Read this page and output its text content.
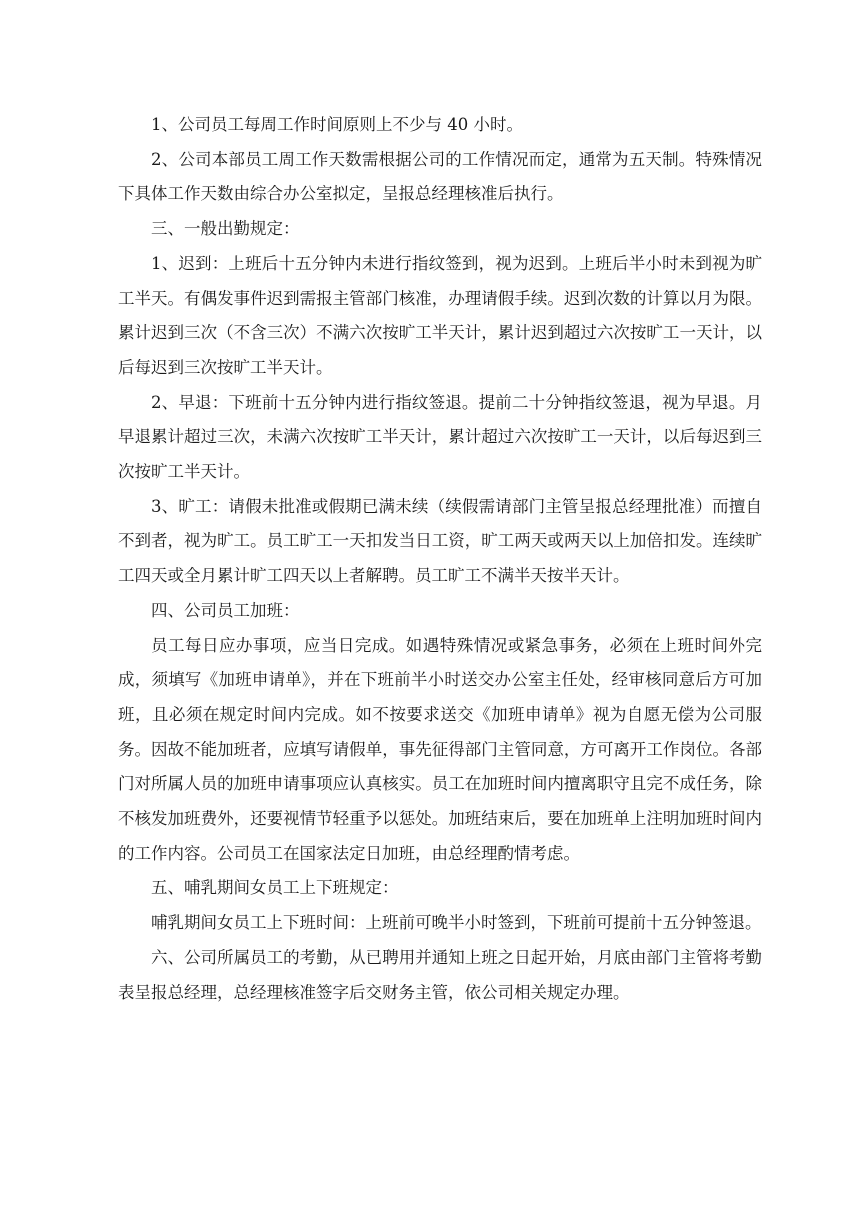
1、公司员工每周工作时间原则上不少与 40 小时。

2、公司本部员工周工作天数需根据公司的工作情况而定，通常为五天制。特殊情况下具体工作天数由综合办公室拟定，呈报总经理核准后执行。

三、一般出勤规定：

1、迟到：上班后十五分钟内未进行指纹签到，视为迟到。上班后半小时未到视为旷工半天。有偶发事件迟到需报主管部门核准，办理请假手续。迟到次数的计算以月为限。累计迟到三次（不含三次）不满六次按旷工半天计，累计迟到超过六次按旷工一天计，以后每迟到三次按旷工半天计。

2、早退：下班前十五分钟内进行指纹签退。提前二十分钟指纹签退，视为早退。月早退累计超过三次，未满六次按旷工半天计，累计超过六次按旷工一天计，以后每迟到三次按旷工半天计。

3、旷工：请假未批准或假期已满未续（续假需请部门主管呈报总经理批准）而擅自不到者，视为旷工。员工旷工一天扣发当日工资，旷工两天或两天以上加倍扣发。连续旷工四天或全月累计旷工四天以上者解聘。员工旷工不满半天按半天计。

四、公司员工加班：

员工每日应办事项，应当日完成。如遇特殊情况或紧急事务，必须在上班时间外完成，须填写《加班申请单》，并在下班前半小时送交办公室主任处，经审核同意后方可加班，且必须在规定时间内完成。如不按要求送交《加班申请单》视为自愿无偿为公司服务。因故不能加班者，应填写请假单，事先征得部门主管同意，方可离开工作岗位。各部门对所属人员的加班申请事项应认真核实。员工在加班时间内擅离职守且完不成任务，除不核发加班费外，还要视情节轻重予以惩处。加班结束后，要在加班单上注明加班时间内的工作内容。公司员工在国家法定日加班，由总经理酌情考虑。

五、哺乳期间女员工上下班规定：

哺乳期间女员工上下班时间：上班前可晚半小时签到，下班前可提前十五分钟签退。

六、公司所属员工的考勤，从已聘用并通知上班之日起开始，月底由部门主管将考勤表呈报总经理，总经理核准签字后交财务主管，依公司相关规定办理。
